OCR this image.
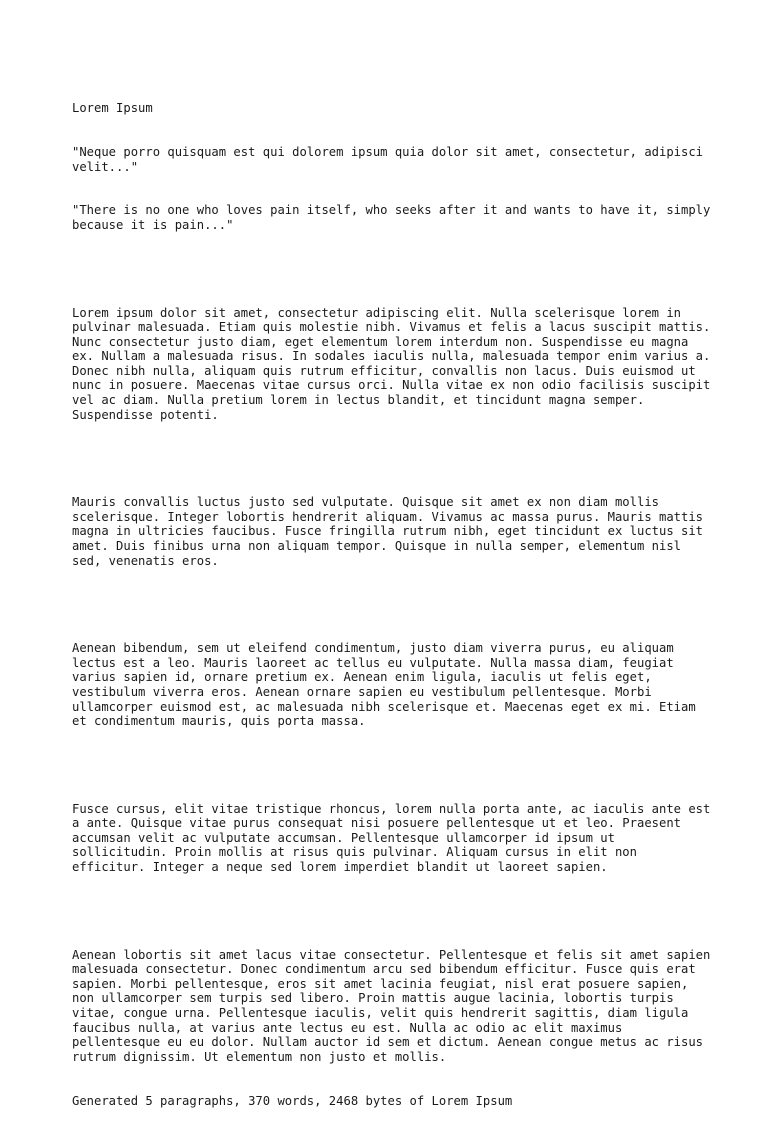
Lorem Ipsum

"Neque porro quisquam est qui dolorem ipsum quia dolor sit amet, consectetur, adipisci velit..."

"There is no one who loves pain itself, who seeks after it and wants to have it, simply because it is pain..."

Lorem ipsum dolor sit amet, consectetur adipiscing elit. Nulla scelerisque lorem in pulvinar malesuada. Etiam quis molestie nibh. Vivamus et felis a lacus suscipit mattis. Nunc consectetur justo diam, eget elementum lorem interdum non. Suspendisse eu magna ex. Nullam a malesuada risus. In sodales iaculis nulla, malesuada tempor enim varius a. Donec nibh nulla, aliquam quis rutrum efficitur, convallis non lacus. Duis euismod ut nunc in posuere. Maecenas vitae cursus orci. Nulla vitae ex non odio facilisis suscipit vel ac diam. Nulla pretium lorem in lectus blandit, et tincidunt magna semper. Suspendisse potenti.

Mauris convallis luctus justo sed vulputate. Quisque sit amet ex non diam mollis scelerisque. Integer lobortis hendrerit aliquam. Vivamus ac massa purus. Mauris mattis magna in ultricies faucibus. Fusce fringilla rutrum nibh, eget tincidunt ex luctus sit amet. Duis finibus urna non aliquam tempor. Quisque in nulla semper, elementum nisl sed, venenatis eros.

Aenean bibendum, sem ut eleifend condimentum, justo diam viverra purus, eu aliquam lectus est a leo. Mauris laoreet ac tellus eu vulputate. Nulla massa diam, feugiat varius sapien id, ornare pretium ex. Aenean enim ligula, iaculis ut felis eget, vestibulum viverra eros. Aenean ornare sapien eu vestibulum pellentesque. Morbi ullamcorper euismod est, ac malesuada nibh scelerisque et. Maecenas eget ex mi. Etiam et condimentum mauris, quis porta massa.

Fusce cursus, elit vitae tristique rhoncus, lorem nulla porta ante, ac iaculis ante est a ante. Quisque vitae purus consequat nisi posuere pellentesque ut et leo. Praesent accumsan velit ac vulputate accumsan. Pellentesque ullamcorper id ipsum ut sollicitudin. Proin mollis at risus quis pulvinar. Aliquam cursus in elit non efficitur. Integer a neque sed lorem imperdiet blandit ut laoreet sapien.

Aenean lobortis sit amet lacus vitae consectetur. Pellentesque et felis sit amet sapien malesuada consectetur. Donec condimentum arcu sed bibendum efficitur. Fusce quis erat sapien. Morbi pellentesque, eros sit amet lacinia feugiat, nisl erat posuere sapien, non ullamcorper sem turpis sed libero. Proin mattis augue lacinia, lobortis turpis vitae, congue urna. Pellentesque iaculis, velit quis hendrerit sagittis, diam ligula faucibus nulla, at varius ante lectus eu est. Nulla ac odio ac elit maximus pellentesque eu eu dolor. Nullam auctor id sem et dictum. Aenean congue metus ac risus rutrum dignissim. Ut elementum non justo et mollis.

Generated 5 paragraphs, 370 words, 2468 bytes of Lorem Ipsum
